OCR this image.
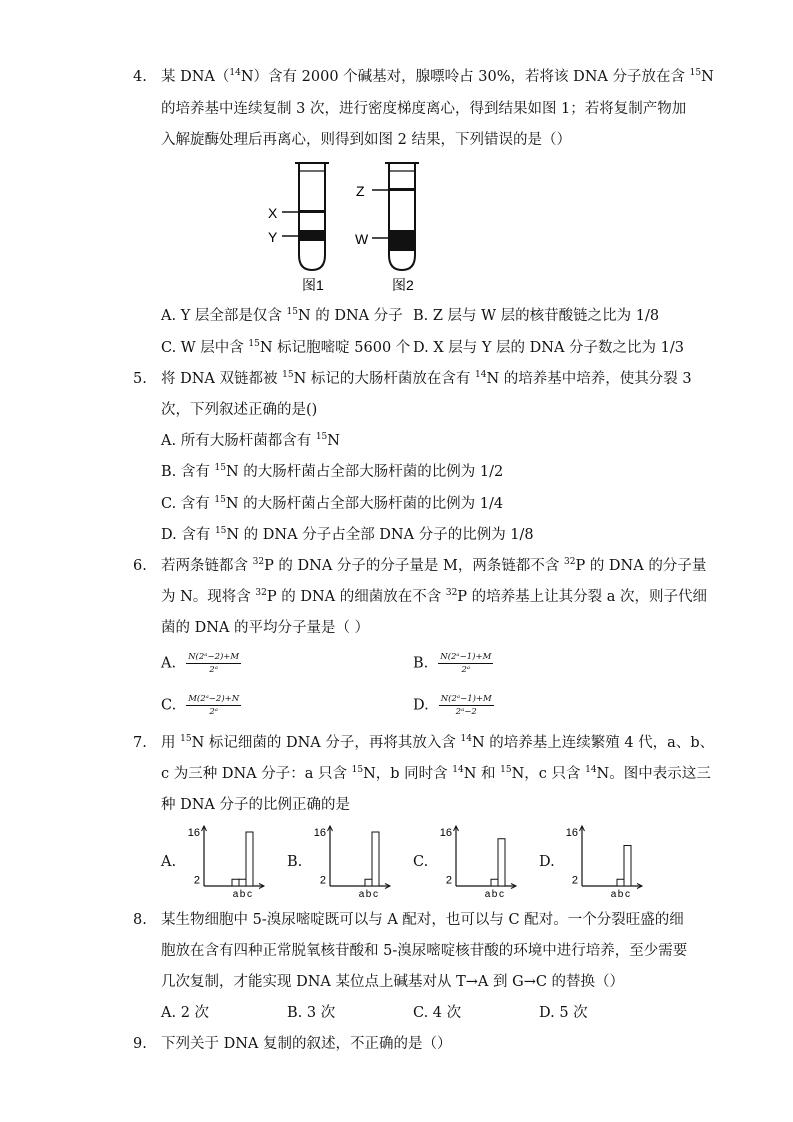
4. 某 DNA（$^{14}$N）含有 2000 个碱基对，腺嘌呤占 30%，若将该 DNA 分子放在含 $^{15}$N
的培养基中连续复制 3 次，进行密度梯度离心，得到结果如图 1；若将复制产物加
入解旋酶处理后再离心，则得到如图 2 结果，下列错误的是（）
X
Y
Z
W
图1	图2
A. Y 层全部是仅含 $^{15}$N 的 DNA 分子 B. Z 层与 W 层的核苷酸链之比为 1/8
C. W 层中含 $^{15}$N 标记胞嘧啶 5600 个 D. X 层与 Y 层的 DNA 分子数之比为 1/3
5. 将 DNA 双链都被 $^{15}$N 标记的大肠杆菌放在含有 $^{14}$N 的培养基中培养，使其分裂 3
次，下列叙述正确的是()
A. 所有大肠杆菌都含有 $^{15}$N
B. 含有 $^{15}$N 的大肠杆菌占全部大肠杆菌的比例为 1/2
C. 含有 $^{15}$N 的大肠杆菌占全部大肠杆菌的比例为 1/4
D. 含有 $^{15}$N 的 DNA 分子占全部 DNA 分子的比例为 1/8
6. 若两条链都含 $^{32}$P 的 DNA 分子的分子量是 M，两条链都不含 $^{32}$P 的 DNA 的分子量
为 N。现将含 $^{32}$P 的 DNA 的细菌放在不含 $^{32}$P 的培养基上让其分裂 a 次，则子代细
菌的 DNA 的平均分子量是（ ）
A. $\frac{\text{N(2ᵃ−2)+M}}{\text{2ᵃ}}$	B. $\frac{\text{N(2ᵃ−1)+M}}{\text{2ᵃ}}$
C. $\frac{\text{M(2ᵃ−2)+N}}{\text{2ᵃ}}$	D. $\frac{\text{N(2ᵃ−1)+M}}{\text{2ᵃ−2}}$
7. 用 $^{15}$N 标记细菌的 DNA 分子，再将其放入含 $^{14}$N 的培养基上连续繁殖 4 代，a、b、
c 为三种 DNA 分子：a 只含 $^{15}$N，b 同时含 $^{14}$N 和 $^{15}$N，c 只含 $^{14}$N。图中表示这三
种 DNA 分子的比例正确的是
A.	B.	C.	D.
16
2
a b c
16
2
a b c
16
2
a b c
16
2
a b c
8. 某生物细胞中 5-溴尿嘧啶既可以与 A 配对，也可以与 C 配对。一个分裂旺盛的细
胞放在含有四种正常脱氧核苷酸和 5-溴尿嘧啶核苷酸的环境中进行培养，至少需要
几次复制，才能实现 DNA 某位点上碱基对从 T→A 到 G→C 的替换（）
A. 2 次	B. 3 次	C. 4 次	D. 5 次
9. 下列关于 DNA 复制的叙述，不正确的是（）
